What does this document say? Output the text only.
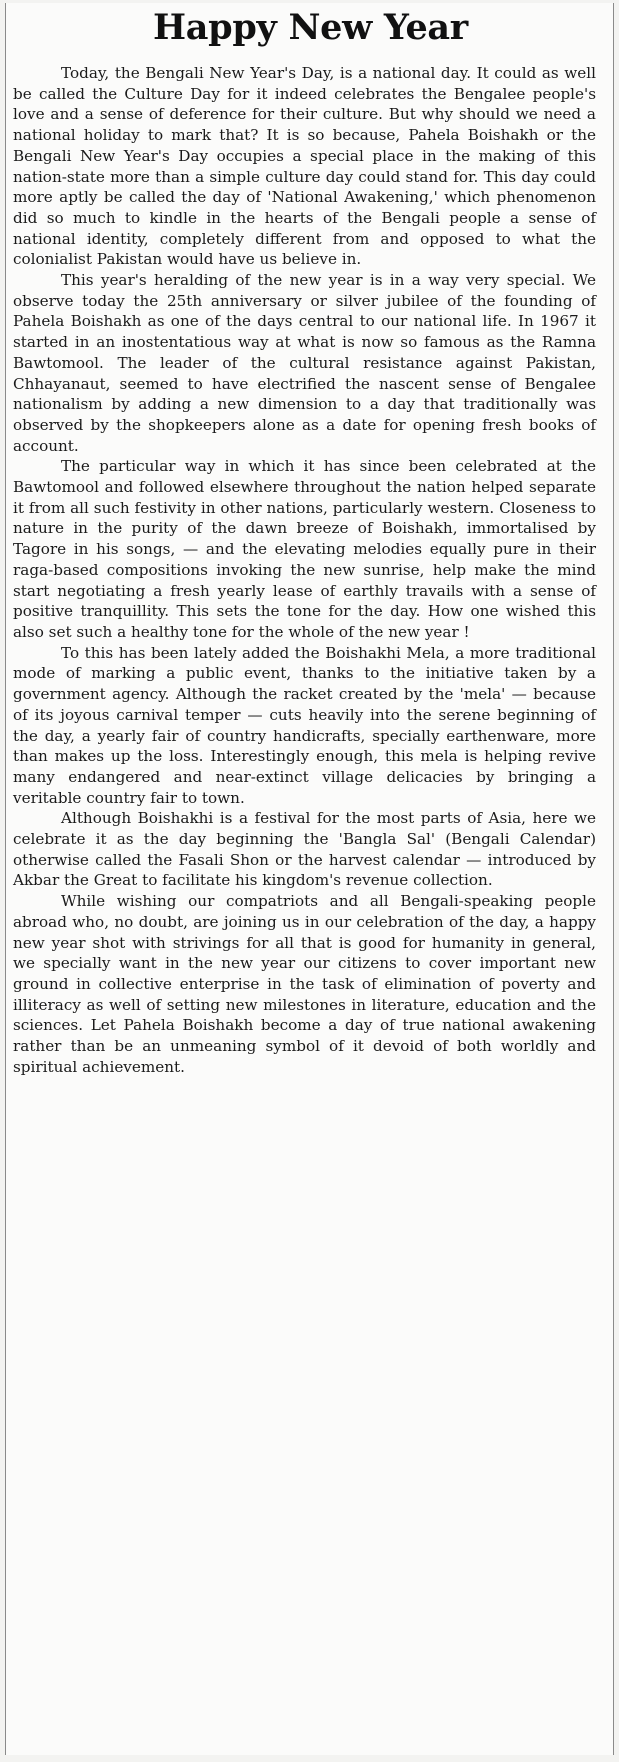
Happy New Year

Today, the Bengali New Year's Day, is a national day. It could as well be called the Culture Day for it indeed celebrates the Bengalee people's love and a sense of deference for their culture. But why should we need a national holiday to mark that? It is so because, Pahela Boishakh or the Bengali New Year's Day occupies a special place in the making of this nation-state more than a simple culture day could stand for. This day could more aptly be called the day of 'National Awakening,' which phenomenon did so much to kindle in the hearts of the Bengali people a sense of national identity, completely different from and opposed to what the colonialist Pakistan would have us believe in.

This year's heralding of the new year is in a way very special. We observe today the 25th anniversary or silver jubilee of the founding of Pahela Boishakh as one of the days central to our national life. In 1967 it started in an inostentatious way at what is now so famous as the Ramna Bawtomool. The leader of the cultural resistance against Pakistan, Chhayanaut, seemed to have electrified the nascent sense of Bengalee nationalism by adding a new dimension to a day that traditionally was observed by the shopkeepers alone as a date for opening fresh books of account.

The particular way in which it has since been celebrated at the Bawtomool and followed elsewhere throughout the nation helped separate it from all such festivity in other nations, particularly western. Closeness to nature in the purity of the dawn breeze of Boishakh, immortalised by Tagore in his songs, — and the elevating melodies equally pure in their raga-based compositions invoking the new sunrise, help make the mind start negotiating a fresh yearly lease of earthly travails with a sense of positive tranquillity. This sets the tone for the day. How one wished this also set such a healthy tone for the whole of the new year !

To this has been lately added the Boishakhi Mela, a more traditional mode of marking a public event, thanks to the initiative taken by a government agency. Although the racket created by the 'mela' — because of its joyous carnival temper — cuts heavily into the serene beginning of the day, a yearly fair of country handicrafts, specially earthenware, more than makes up the loss. Interestingly enough, this mela is helping revive many endangered and near-extinct village delicacies by bringing a veritable country fair to town.

Although Boishakhi is a festival for the most parts of Asia, here we celebrate it as the day beginning the 'Bangla Sal' (Bengali Calendar) otherwise called the Fasali Shon or the harvest calendar — introduced by Akbar the Great to facilitate his kingdom's revenue collection.

While wishing our compatriots and all Bengali-speaking people abroad who, no doubt, are joining us in our celebration of the day, a happy new year shot with strivings for all that is good for humanity in general, we specially want in the new year our citizens to cover important new ground in collective enterprise in the task of elimination of poverty and illiteracy as well of setting new milestones in literature, education and the sciences. Let Pahela Boishakh become a day of true national awakening rather than be an unmeaning symbol of it devoid of both worldly and spiritual achievement.
